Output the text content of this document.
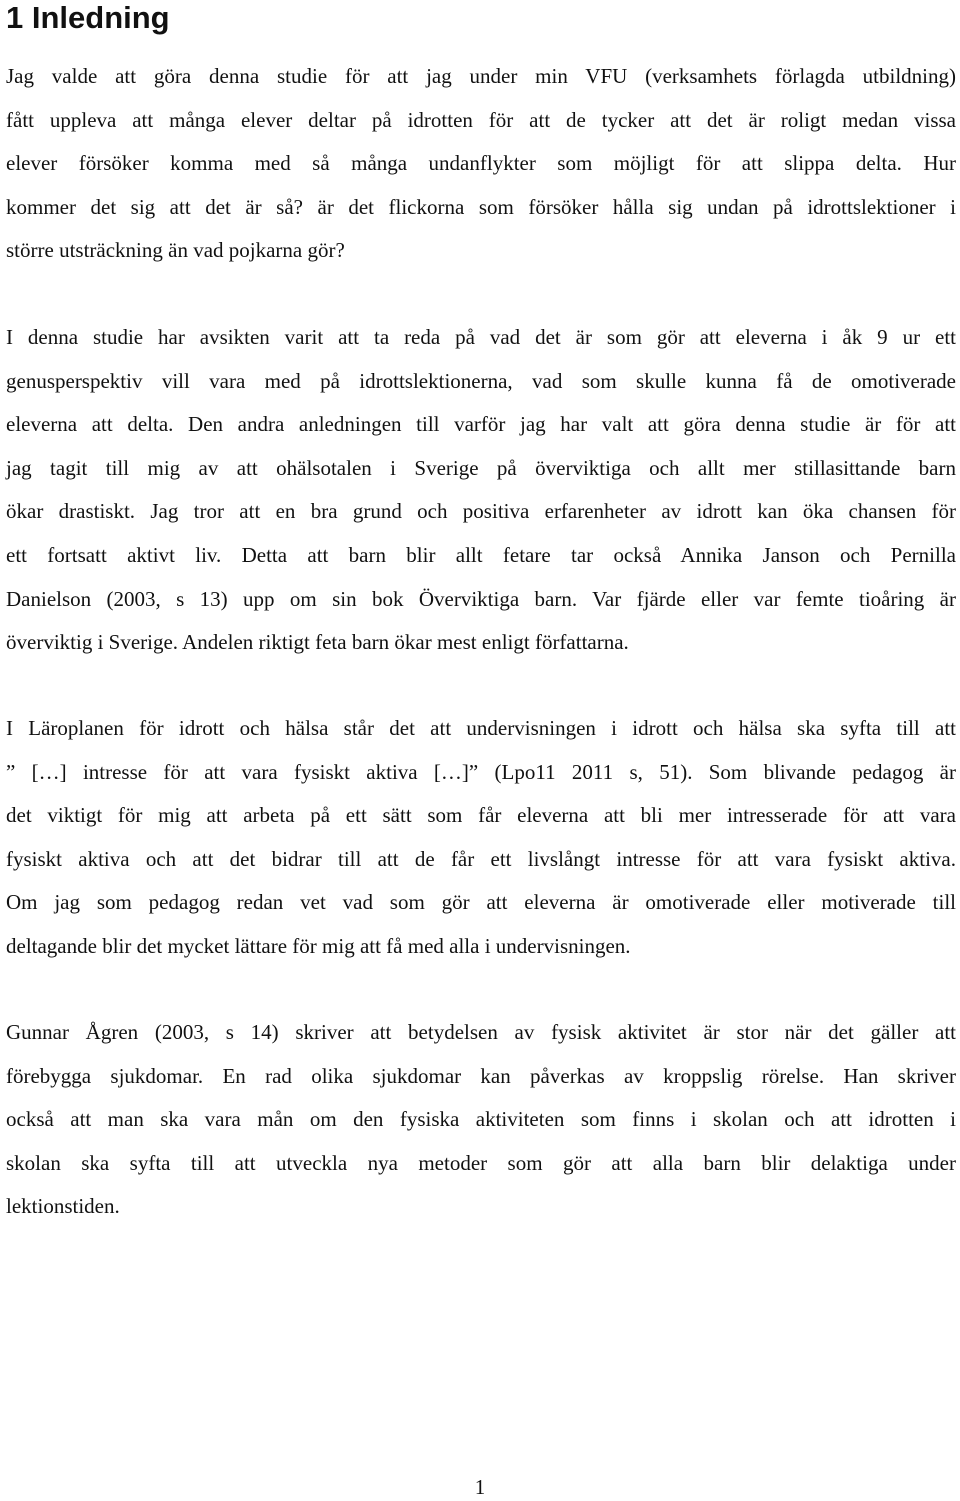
1 Inledning

Jag valde att göra denna studie för att jag under min VFU (verksamhets förlagda utbildning)
fått uppleva att många elever deltar på idrotten för att de tycker att det är roligt medan vissa
elever försöker komma med så många undanflykter som möjligt för att slippa delta. Hur
kommer det sig att det är så? är det flickorna som försöker hålla sig undan på idrottslektioner i
större utsträckning än vad pojkarna gör?

I denna studie har avsikten varit att ta reda på vad det är som gör att eleverna i åk 9 ur ett
genusperspektiv vill vara med på idrottslektionerna, vad som skulle kunna få de omotiverade
eleverna att delta. Den andra anledningen till varför jag har valt att göra denna studie är för att
jag tagit till mig av att ohälsotalen i Sverige på överviktiga och allt mer stillasittande barn
ökar drastiskt. Jag tror att en bra grund och positiva erfarenheter av idrott kan öka chansen för
ett fortsatt aktivt liv. Detta att barn blir allt fetare tar också Annika Janson och Pernilla
Danielson (2003, s 13) upp om sin bok Överviktiga barn. Var fjärde eller var femte tioåring är
överviktig i Sverige. Andelen riktigt feta barn ökar mest enligt författarna.

I Läroplanen för idrott och hälsa står det att undervisningen i idrott och hälsa ska syfta till att
” […] intresse för att vara fysiskt aktiva […]” (Lpo11 2011 s, 51). Som blivande pedagog är
det viktigt för mig att arbeta på ett sätt som får eleverna att bli mer intresserade för att vara
fysiskt aktiva och att det bidrar till att de får ett livslångt intresse för att vara fysiskt aktiva.
Om jag som pedagog redan vet vad som gör att eleverna är omotiverade eller motiverade till
deltagande blir det mycket lättare för mig att få med alla i undervisningen.

Gunnar Ågren (2003, s 14) skriver att betydelsen av fysisk aktivitet är stor när det gäller att
förebygga sjukdomar. En rad olika sjukdomar kan påverkas av kroppslig rörelse. Han skriver
också att man ska vara mån om den fysiska aktiviteten som finns i skolan och att idrotten i
skolan ska syfta till att utveckla nya metoder som gör att alla barn blir delaktiga under
lektionstiden.

1
